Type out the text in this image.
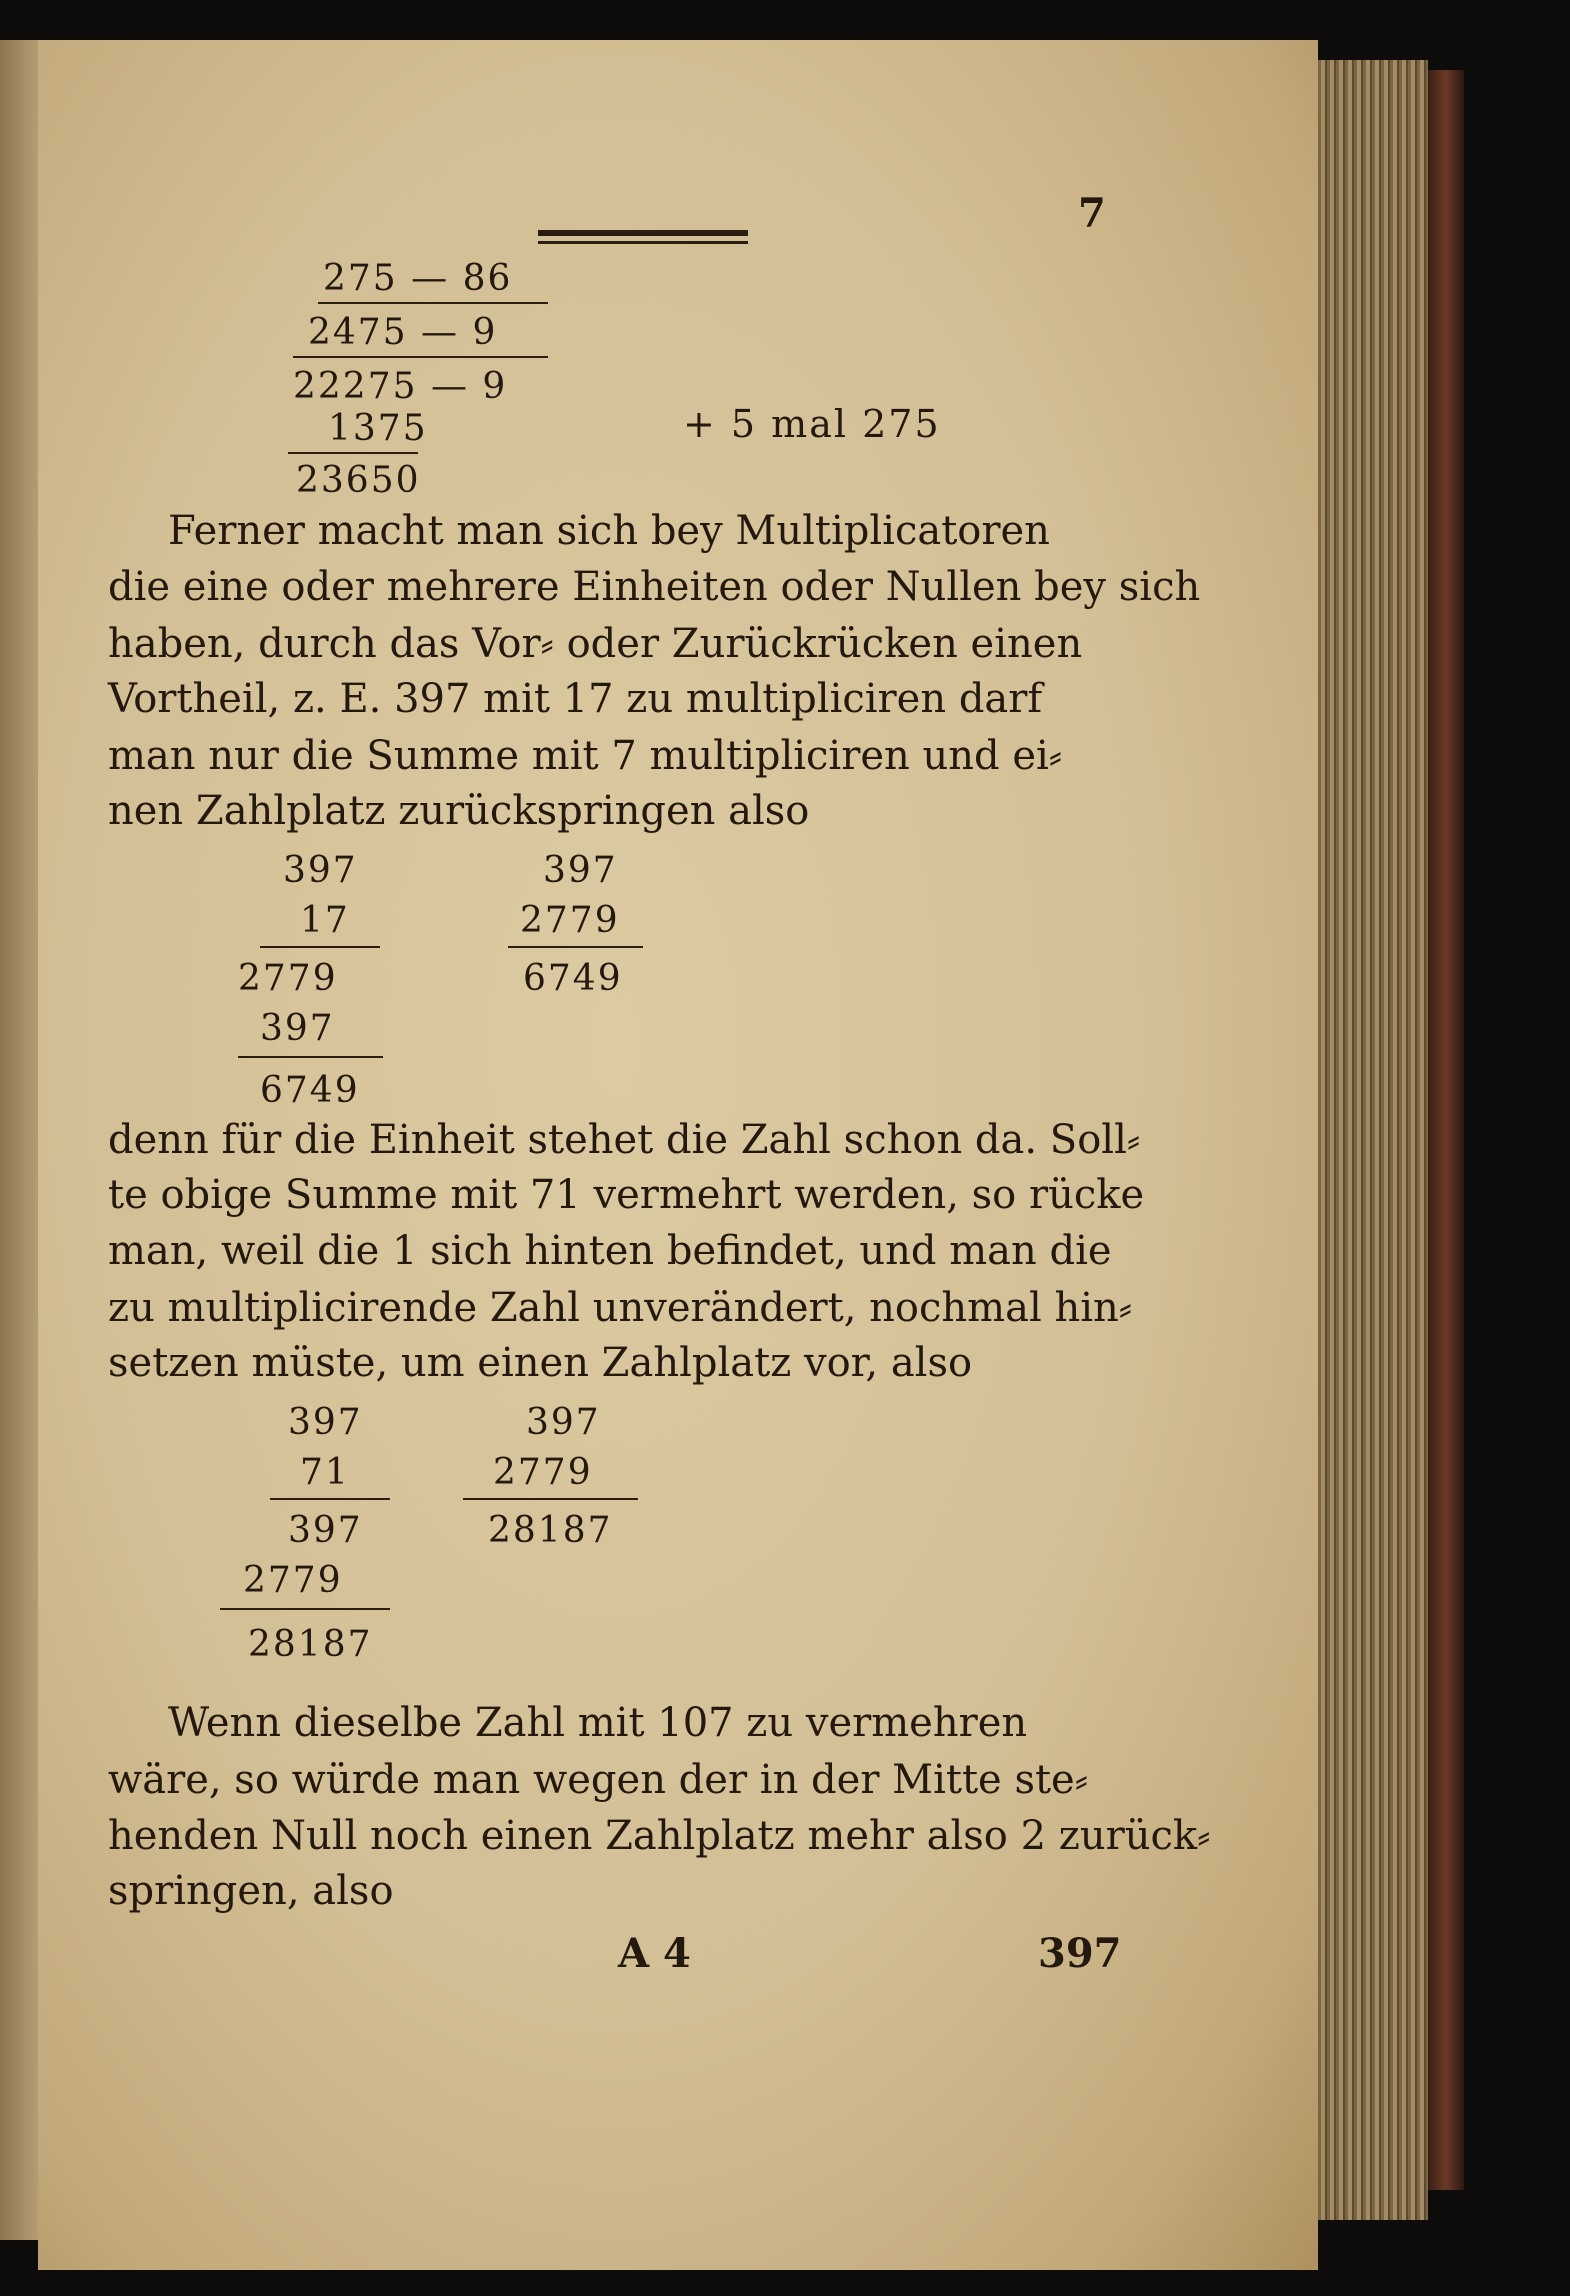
7
275 — 86
2475 — 9
22275 — 9
1375	+ 5 mal 275
23650
Ferner macht man sich bey Multiplicatoren
die eine oder mehrere Einheiten oder Nullen bey sich
haben, durch das Vor⸗ oder Zurückrücken einen
Vortheil, z. E. 397 mit 17 zu multipliciren darf
man nur die Summe mit 7 multipliciren und ei⸗
nen Zahlplatz zurückspringen also
397
17
2779
397
6749
397
2779
6749
denn für die Einheit stehet die Zahl schon da. Soll⸗
te obige Summe mit 71 vermehrt werden, so rücke
man, weil die 1 sich hinten befindet, und man die
zu multiplicirende Zahl unverändert, nochmal hin⸗
setzen müste, um einen Zahlplatz vor, also
397
71
397
2779
28187
397
2779
28187
Wenn dieselbe Zahl mit 107 zu vermehren
wäre, so würde man wegen der in der Mitte ste⸗
henden Null noch einen Zahlplatz mehr also 2 zurück⸗
springen, also
A 4	397
